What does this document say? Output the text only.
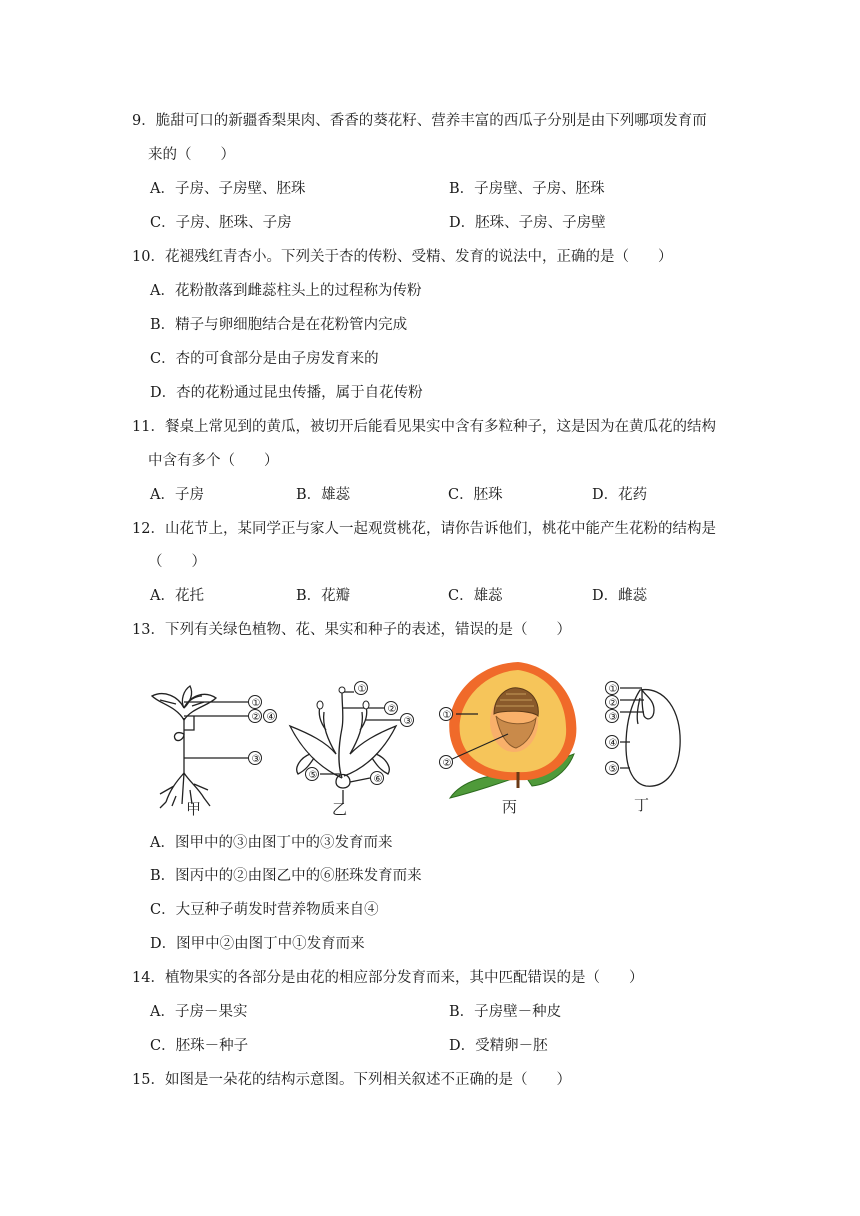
9．脆甜可口的新疆香梨果肉、香香的葵花籽、营养丰富的西瓜子分别是由下列哪项发育而
来的（　　）
A．子房、子房壁、胚珠	B．子房壁、子房、胚珠
C．子房、胚珠、子房	D．胚珠、子房、子房壁
10．花褪残红青杏小。下列关于杏的传粉、受精、发育的说法中，正确的是（　　）
A．花粉散落到雌蕊柱头上的过程称为传粉
B．精子与卵细胞结合是在花粉管内完成
C．杏的可食部分是由子房发育来的
D．杏的花粉通过昆虫传播，属于自花传粉
11．餐桌上常见到的黄瓜，被切开后能看见果实中含有多粒种子，这是因为在黄瓜花的结构
中含有多个（　　）
A．子房	B．雄蕊	C．胚珠	D．花药
12．山花节上，某同学正与家人一起观赏桃花，请你告诉他们，桃花中能产生花粉的结构是
（　　）
A．花托	B．花瓣	C．雄蕊	D．雌蕊
13．下列有关绿色植物、花、果实和种子的表述，错误的是（　　）
甲
①
② ④
③
乙
①
②
③
⑤	⑥
丙
①
②
丁
①
②
③
④
⑤
A．图甲中的③由图丁中的③发育而来
B．图丙中的②由图乙中的⑥胚珠发育而来
C．大豆种子萌发时营养物质来自④
D．图甲中②由图丁中①发育而来
14．植物果实的各部分是由花的相应部分发育而来，其中匹配错误的是（　　）
A．子房－果实	B．子房壁－种皮
C．胚珠－种子	D．受精卵－胚
15．如图是一朵花的结构示意图。下列相关叙述不正确的是（　　）
